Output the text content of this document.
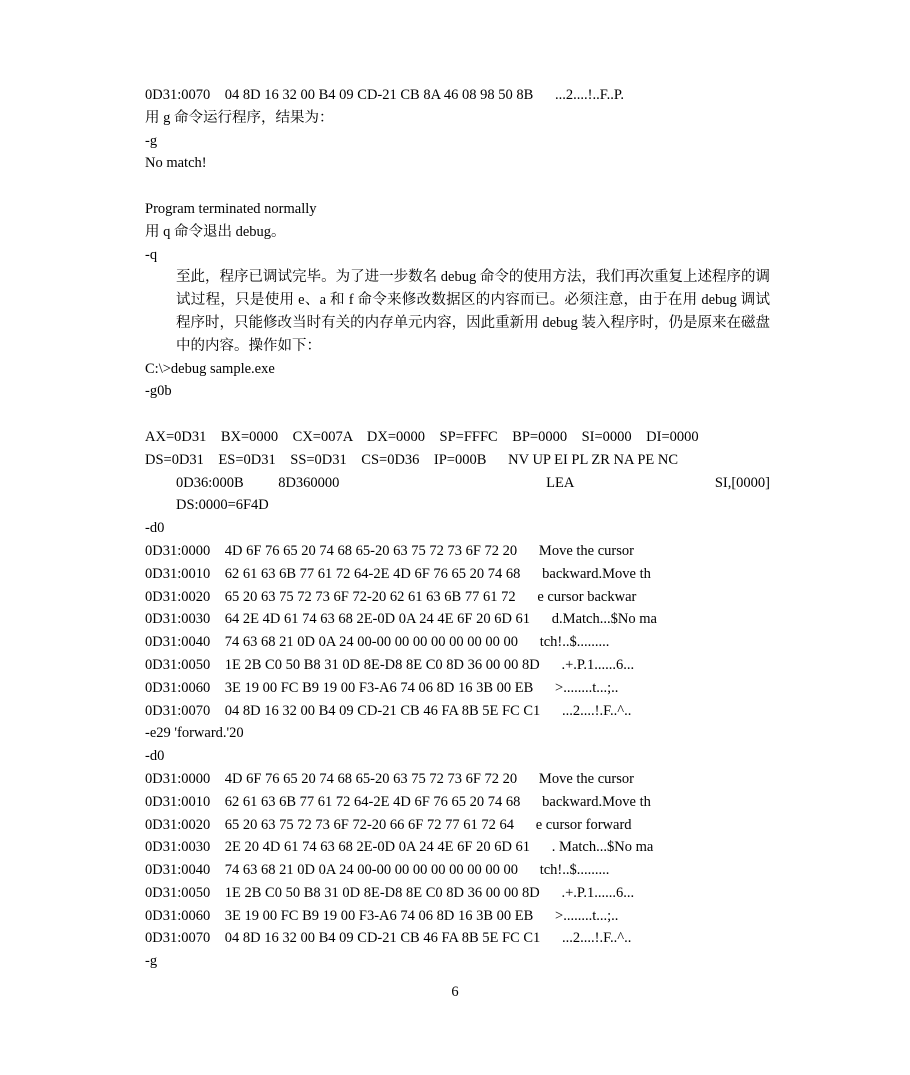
0D31:0070    04 8D 16 32 00 B4 09 CD-21 CB 8A 46 08 98 50 8B      ...2....!..F..P.
用 g 命令运行程序，结果为：
-g
No match!
Program terminated normally
用 q 命令退出 debug。
-q

至此，程序已调试完毕。为了进一步数名 debug 命令的使用方法，我们再次重复上述程序的调试过程，只是使用 e、a 和 f 命令来修改数据区的内容而已。必须注意，由于在用 debug 调试程序时，只能修改当时有关的内存单元内容，因此重新用 debug 装入程序时，仍是原来在磁盘中的内容。操作如下：

C:\>debug sample.exe
-g0b
AX=0D31    BX=0000    CX=007A    DX=0000    SP=FFFC    BP=0000    SI=0000    DI=0000
DS=0D31    ES=0D31    SS=0D31    CS=0D36    IP=000B      NV UP EI PL ZR NA PE NC
0D36:000B	8D360000	LEA	SI,[0000]
DS:0000=6F4D
-d0
0D31:0000    4D 6F 76 65 20 74 68 65-20 63 75 72 73 6F 72 20      Move the cursor
0D31:0010    62 61 63 6B 77 61 72 64-2E 4D 6F 76 65 20 74 68      backward.Move th
0D31:0020    65 20 63 75 72 73 6F 72-20 62 61 63 6B 77 61 72      e cursor backwar
0D31:0030    64 2E 4D 61 74 63 68 2E-0D 0A 24 4E 6F 20 6D 61      d.Match...$No ma
0D31:0040    74 63 68 21 0D 0A 24 00-00 00 00 00 00 00 00 00      tch!..$.........
0D31:0050    1E 2B C0 50 B8 31 0D 8E-D8 8E C0 8D 36 00 00 8D      .+.P.1......6...
0D31:0060    3E 19 00 FC B9 19 00 F3-A6 74 06 8D 16 3B 00 EB      >........t...;..
0D31:0070    04 8D 16 32 00 B4 09 CD-21 CB 46 FA 8B 5E FC C1      ...2....!.F..^..
-e29 'forward.'20
-d0
0D31:0000    4D 6F 76 65 20 74 68 65-20 63 75 72 73 6F 72 20      Move the cursor
0D31:0010    62 61 63 6B 77 61 72 64-2E 4D 6F 76 65 20 74 68      backward.Move th
0D31:0020    65 20 63 75 72 73 6F 72-20 66 6F 72 77 61 72 64      e cursor forward
0D31:0030    2E 20 4D 61 74 63 68 2E-0D 0A 24 4E 6F 20 6D 61      . Match...$No ma
0D31:0040    74 63 68 21 0D 0A 24 00-00 00 00 00 00 00 00 00      tch!..$.........
0D31:0050    1E 2B C0 50 B8 31 0D 8E-D8 8E C0 8D 36 00 00 8D      .+.P.1......6...
0D31:0060    3E 19 00 FC B9 19 00 F3-A6 74 06 8D 16 3B 00 EB      >........t...;..
0D31:0070    04 8D 16 32 00 B4 09 CD-21 CB 46 FA 8B 5E FC C1      ...2....!.F..^..
-g
6
